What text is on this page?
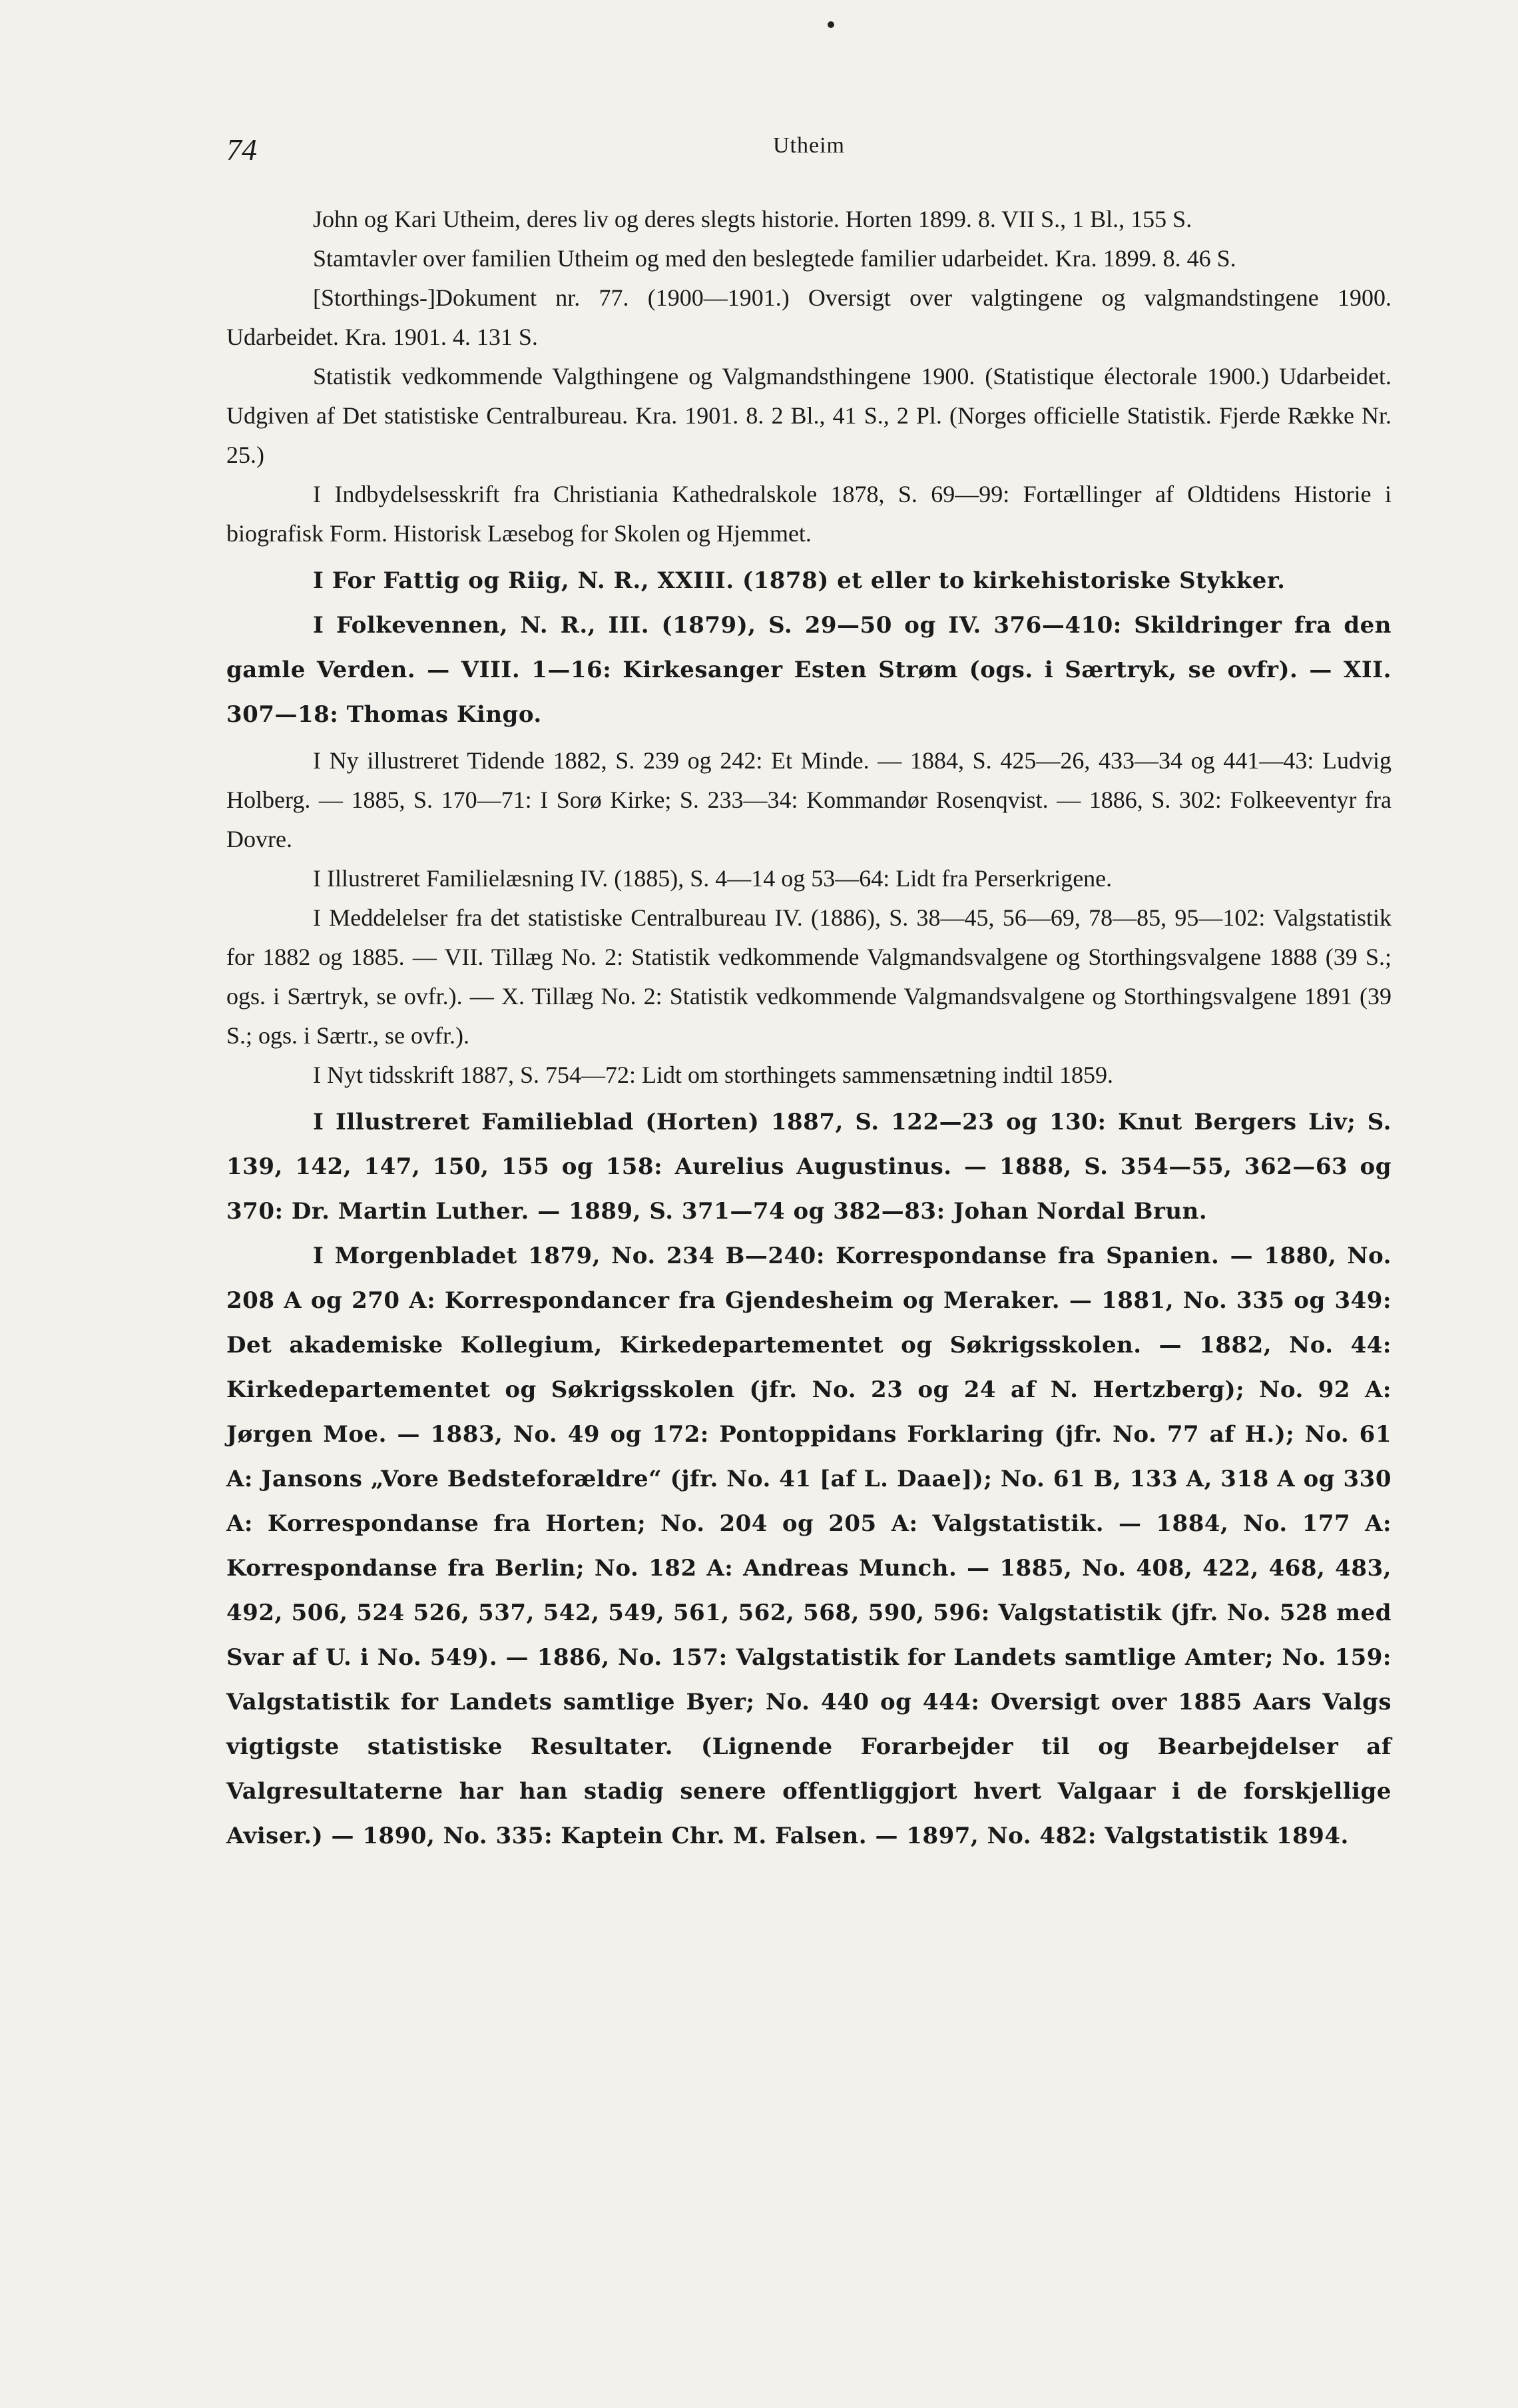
74	Utheim

John og Kari Utheim, deres liv og deres slegts historie. Horten 1899. 8. VII S., 1 Bl., 155 S.

Stamtavler over familien Utheim og med den beslegtede familier udarbeidet. Kra. 1899. 8. 46 S.

[Storthings-]Dokument nr. 77. (1900—1901.) Oversigt over valgtingene og valgmandstingene 1900. Udarbeidet. Kra. 1901. 4. 131 S.

Statistik vedkommende Valgthingene og Valgmandsthingene 1900. (Statistique électorale 1900.) Udarbeidet. Udgiven af Det statistiske Centralbureau. Kra. 1901. 8. 2 Bl., 41 S., 2 Pl. (Norges officielle Statistik. Fjerde Række Nr. 25.)

I Indbydelsesskrift fra Christiania Kathedralskole 1878, S. 69—99: Fortællinger af Oldtidens Historie i biografisk Form. Historisk Læsebog for Skolen og Hjemmet.

I For Fattig og Riig, N. R., XXIII. (1878) et eller to kirkehistoriske Stykker.

I Folkevennen, N. R., III. (1879), S. 29—50 og IV. 376—410: Skildringer fra den gamle Verden. — VIII. 1—16: Kirkesanger Esten Strøm (ogs. i Særtryk, se ovfr). — XII. 307—18: Thomas Kingo.

I Ny illustreret Tidende 1882, S. 239 og 242: Et Minde. — 1884, S. 425—26, 433—34 og 441—43: Ludvig Holberg. — 1885, S. 170—71: I Sorø Kirke; S. 233—34: Kommandør Rosenqvist. — 1886, S. 302: Folkeeventyr fra Dovre.

I Illustreret Familielæsning IV. (1885), S. 4—14 og 53—64: Lidt fra Perserkrigene.

I Meddelelser fra det statistiske Centralbureau IV. (1886), S. 38—45, 56—69, 78—85, 95—102: Valgstatistik for 1882 og 1885. — VII. Tillæg No. 2: Statistik vedkommende Valgmandsvalgene og Storthingsvalgene 1888 (39 S.; ogs. i Særtryk, se ovfr.). — X. Tillæg No. 2: Statistik vedkommende Valgmandsvalgene og Storthingsvalgene 1891 (39 S.; ogs. i Særtr., se ovfr.).

I Nyt tidsskrift 1887, S. 754—72: Lidt om storthingets sammensætning indtil 1859.

I Illustreret Familieblad (Horten) 1887, S. 122—23 og 130: Knut Bergers Liv; S. 139, 142, 147, 150, 155 og 158: Aurelius Augustinus. — 1888, S. 354—55, 362—63 og 370: Dr. Martin Luther. — 1889, S. 371—74 og 382—83: Johan Nordal Brun.

I Morgenbladet 1879, No. 234 B—240: Korrespondanse fra Spanien. — 1880, No. 208 A og 270 A: Korrespondancer fra Gjendesheim og Meraker. — 1881, No. 335 og 349: Det akademiske Kollegium, Kirkedepartementet og Søkrigsskolen. — 1882, No. 44: Kirkedepartementet og Søkrigsskolen (jfr. No. 23 og 24 af N. Hertzberg); No. 92 A: Jørgen Moe. — 1883, No. 49 og 172: Pontoppidans Forklaring (jfr. No. 77 af H.); No. 61 A: Jansons „Vore Bedsteforældre“ (jfr. No. 41 [af L. Daae]); No. 61 B, 133 A, 318 A og 330 A: Korrespondanse fra Horten; No. 204 og 205 A: Valgstatistik. — 1884, No. 177 A: Korrespondanse fra Berlin; No. 182 A: Andreas Munch. — 1885, No. 408, 422, 468, 483, 492, 506, 524 526, 537, 542, 549, 561, 562, 568, 590, 596: Valgstatistik (jfr. No. 528 med Svar af U. i No. 549). — 1886, No. 157: Valgstatistik for Landets samtlige Amter; No. 159: Valgstatistik for Landets samtlige Byer; No. 440 og 444: Oversigt over 1885 Aars Valgs vigtigste statistiske Resultater. (Lignende Forarbejder til og Bearbejdelser af Valgresultaterne har han stadig senere offentliggjort hvert Valgaar i de forskjellige Aviser.) — 1890, No. 335: Kaptein Chr. M. Falsen. — 1897, No. 482: Valgstatistik 1894.
